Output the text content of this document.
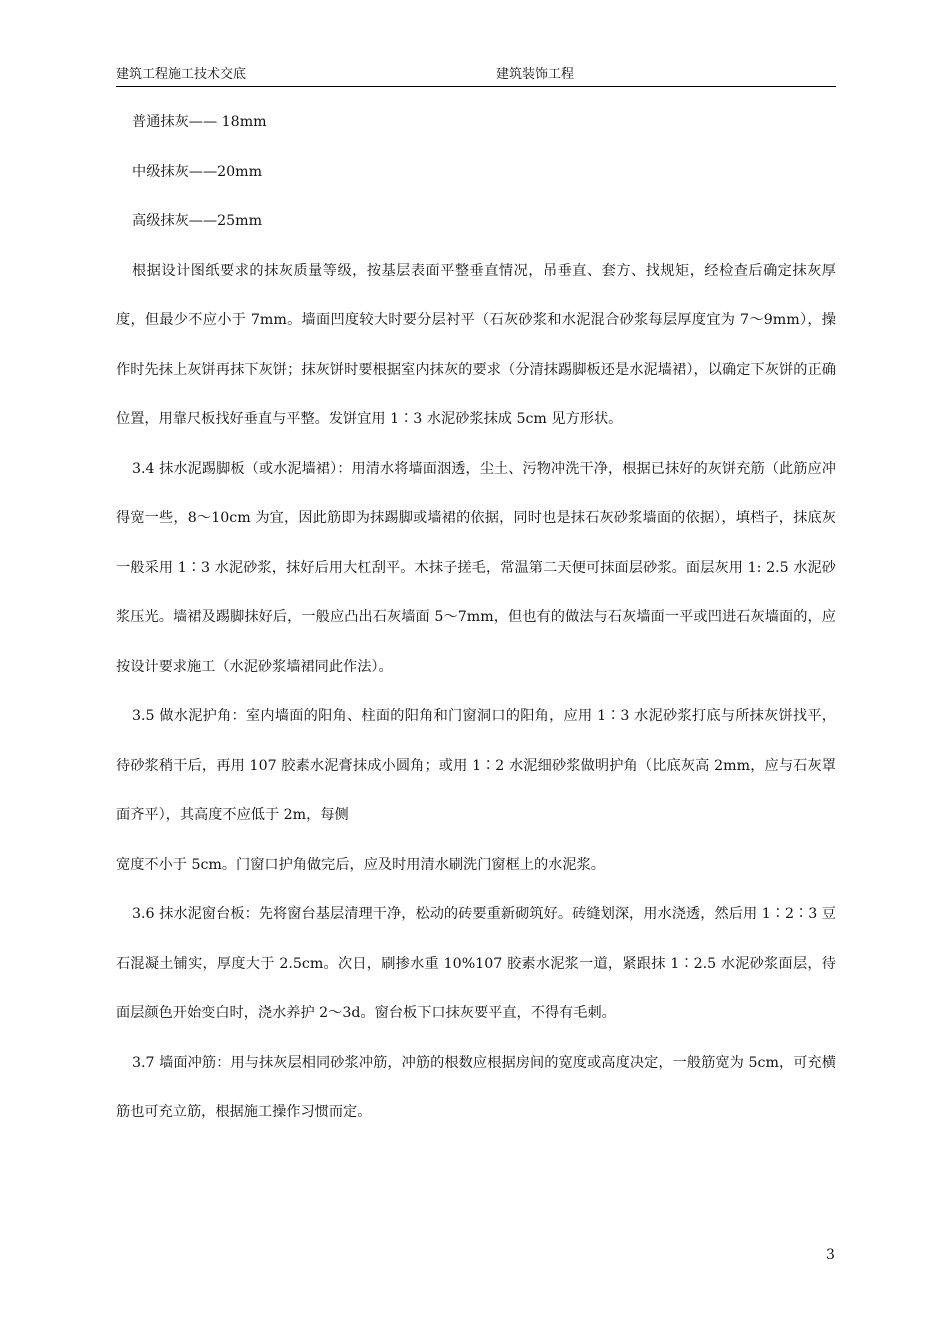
建筑工程施工技术交底	建筑装饰工程

普通抹灰—— 18mm

中级抹灰——20mm

高级抹灰——25mm

根据设计图纸要求的抹灰质量等级，按基层表面平整垂直情况，吊垂直、套方、找规矩，经检查后确定抹灰厚度，但最少不应小于 7mm。墙面凹度较大时要分层衬平（石灰砂浆和水泥混合砂浆每层厚度宜为 7～9mm），操作时先抹上灰饼再抹下灰饼；抹灰饼时要根据室内抹灰的要求（分清抹踢脚板还是水泥墙裙），以确定下灰饼的正确位置，用靠尺板找好垂直与平整。发饼宜用 1∶3 水泥砂浆抹成 5cm 见方形状。

3.4 抹水泥踢脚板（或水泥墙裙）：用清水将墙面洇透，尘土、污物冲洗干净，根据已抹好的灰饼充筋（此筋应冲得宽一些，8～10cm 为宜，因此筋即为抹踢脚或墙裙的依据，同时也是抹石灰砂浆墙面的依据），填档子，抹底灰一般采用 1∶3 水泥砂浆，抹好后用大杠刮平。木抹子搓毛，常温第二天便可抹面层砂浆。面层灰用 1: 2.5 水泥砂浆压光。墙裙及踢脚抹好后，一般应凸出石灰墙面 5～7mm，但也有的做法与石灰墙面一平或凹进石灰墙面的，应按设计要求施工（水泥砂浆墙裙同此作法）。

3.5 做水泥护角：室内墙面的阳角、柱面的阳角和门窗洞口的阳角，应用 1∶3 水泥砂浆打底与所抹灰饼找平，待砂浆稍干后，再用 107 胶素水泥膏抹成小圆角；或用 1∶2 水泥细砂浆做明护角（比底灰高 2mm，应与石灰罩面齐平），其高度不应低于 2m，每侧

宽度不小于 5cm。门窗口护角做完后，应及时用清水刷洗门窗框上的水泥浆。

3.6 抹水泥窗台板：先将窗台基层清理干净，松动的砖要重新砌筑好。砖缝划深，用水浇透，然后用 1∶2∶3 豆石混凝土铺实，厚度大于 2.5cm。次日，刷掺水重 10%107 胶素水泥浆一道，紧跟抹 1∶2.5 水泥砂浆面层，待面层颜色开始变白时，浇水养护 2～3d。窗台板下口抹灰要平直，不得有毛刺。

3.7 墙面冲筋：用与抹灰层相同砂浆冲筋，冲筋的根数应根据房间的宽度或高度决定，一般筋宽为 5cm，可充横筋也可充立筋，根据施工操作习惯而定。

3
